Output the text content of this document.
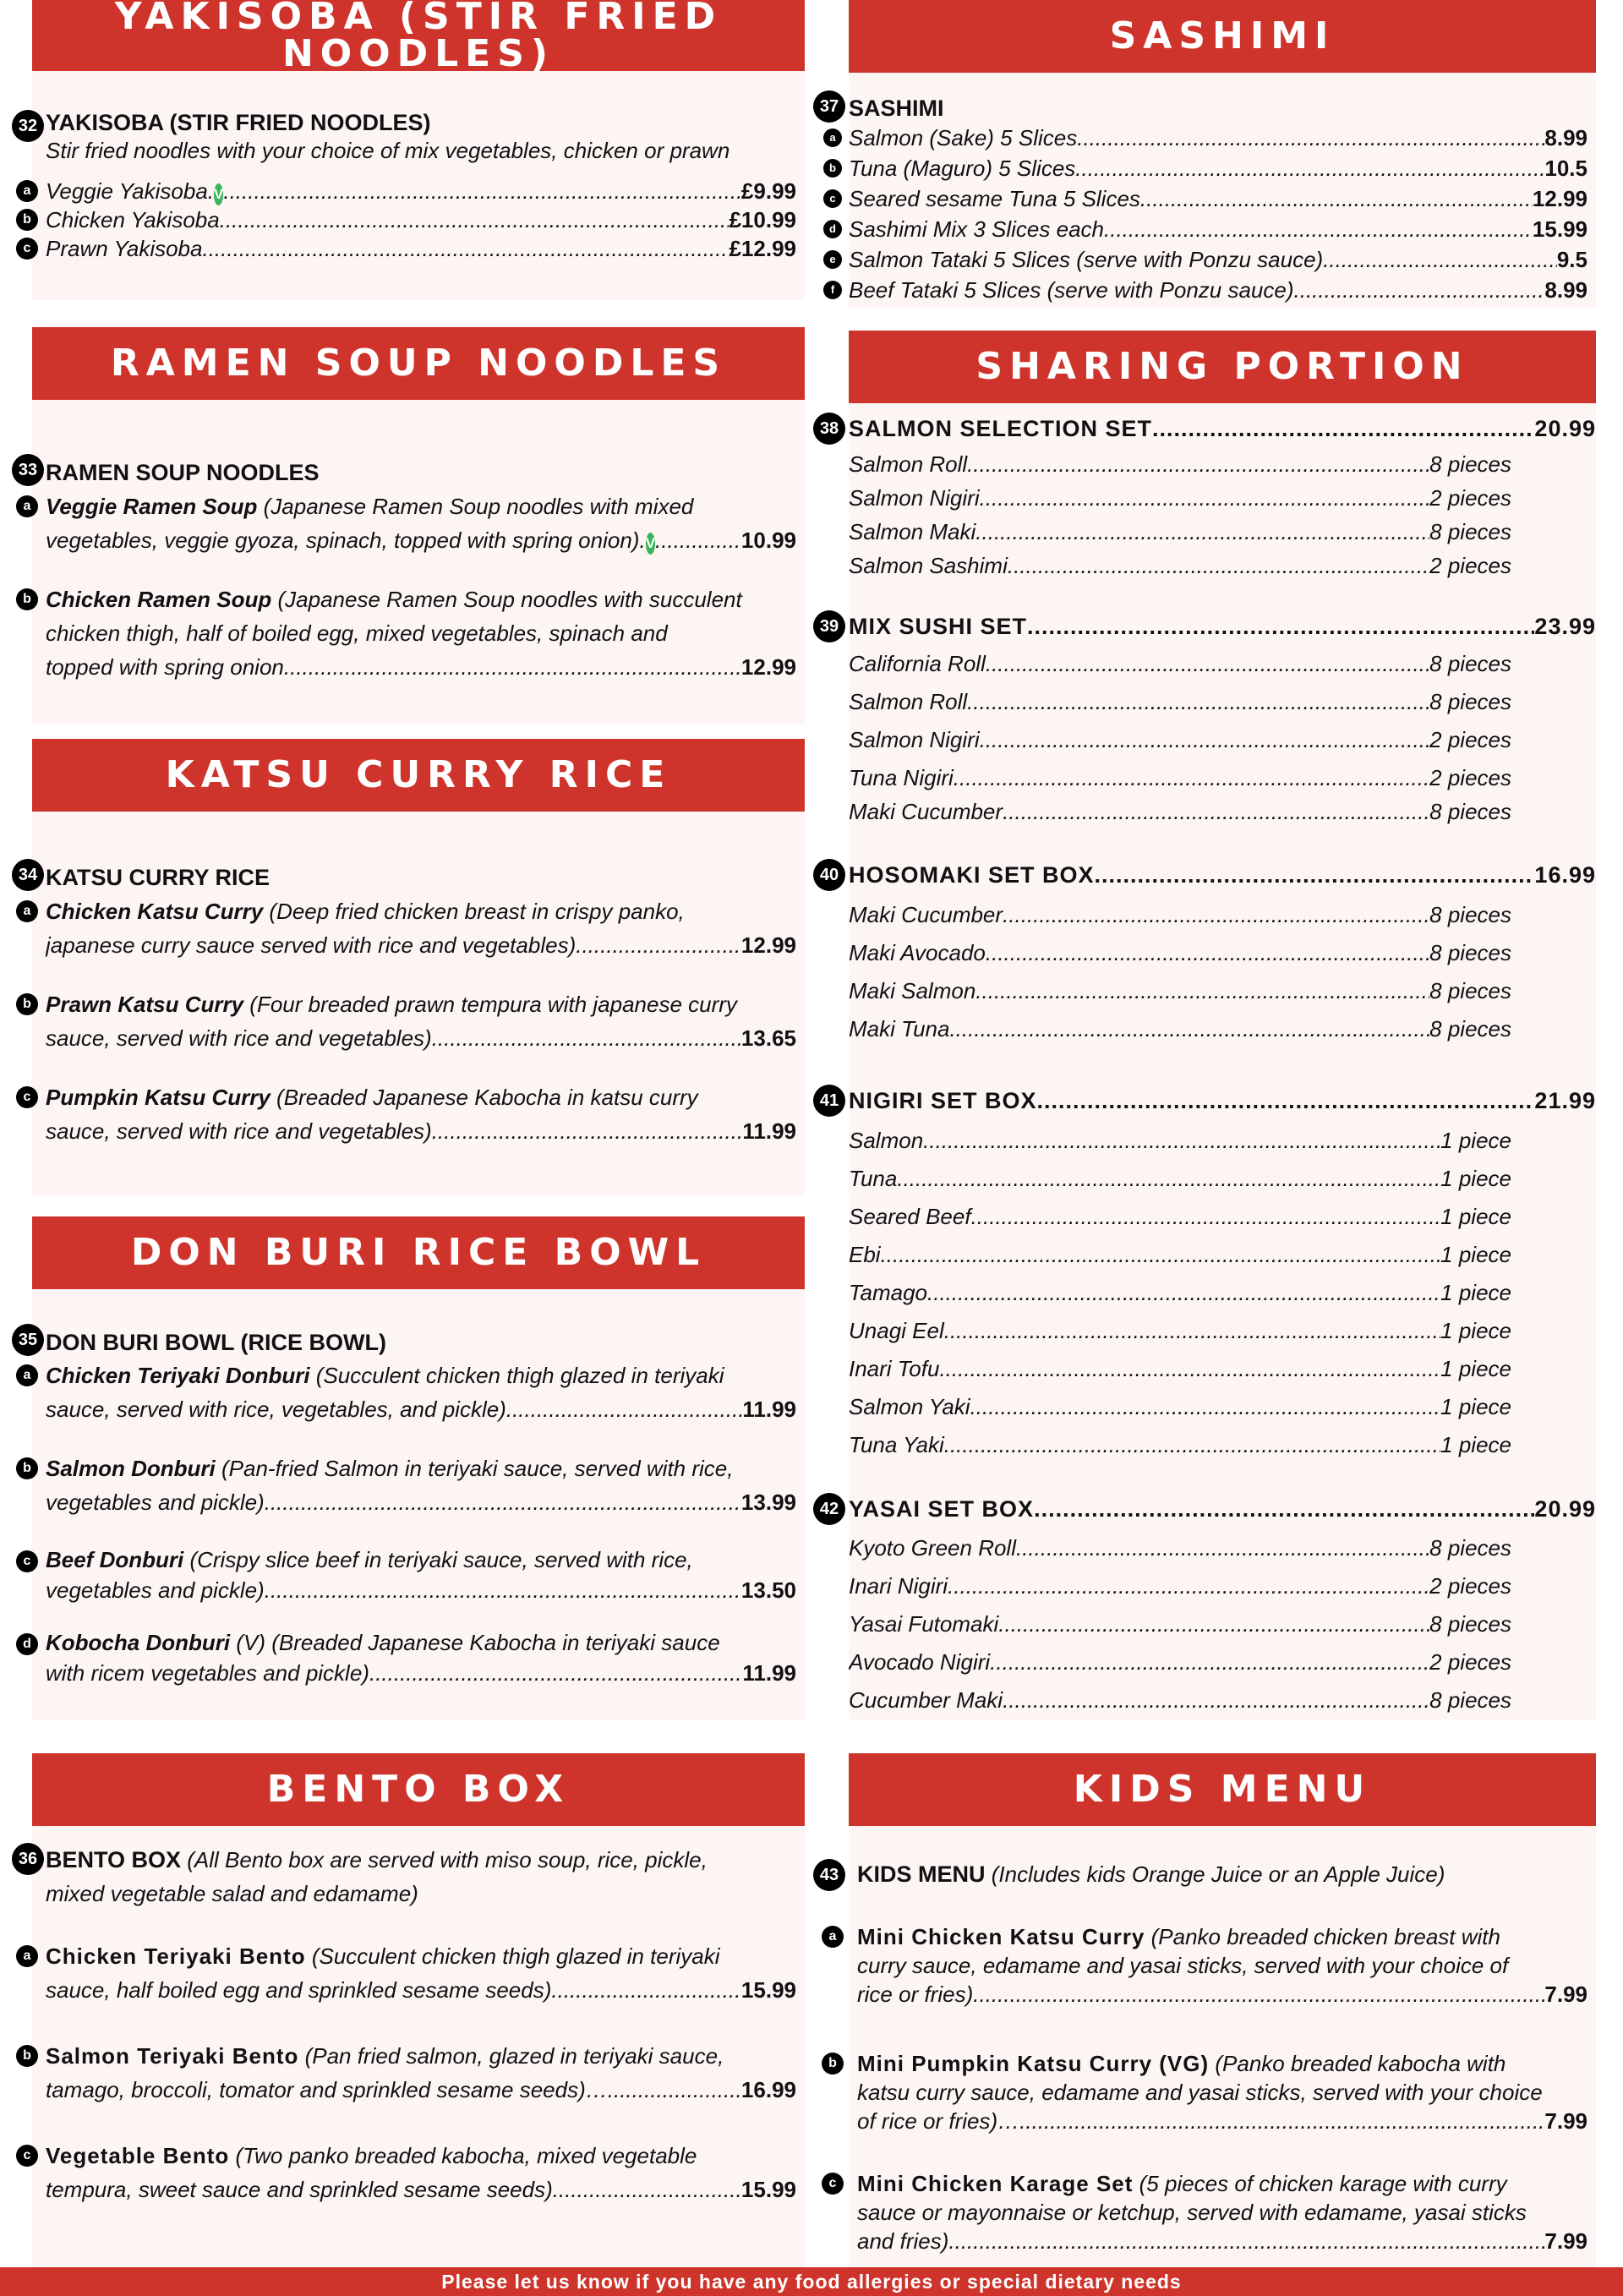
YAKISOBA (STIR FRIED NOODLES)
32 YAKISOBA (STIR FRIED NOODLES)
Stir fried noodles with your choice of mix vegetables, chicken or prawn
a Veggie Yakisoba. V .....	£9.99
b Chicken Yakisoba .....	£10.99
c Prawn Yakisoba .....	£12.99
RAMEN SOUP NOODLES
33 RAMEN SOUP NOODLES
a Veggie Ramen Soup (Japanese Ramen Soup noodles with mixed
vegetables, veggie gyoza, spinach, topped with spring onion). V .....	10.99
b Chicken Ramen Soup (Japanese Ramen Soup noodles with succulent
chicken thigh, half of boiled egg, mixed vegetables, spinach and
topped with spring onion .....	12.99
KATSU CURRY RICE
34 KATSU CURRY RICE
a Chicken Katsu Curry (Deep fried chicken breast in crispy panko,
japanese curry sauce served with rice and vegetables) .....	12.99
b Prawn Katsu Curry (Four breaded prawn tempura with japanese curry
sauce, served with rice and vegetables) .....	13.65
c Pumpkin Katsu Curry (Breaded Japanese Kabocha in katsu curry
sauce, served with rice and vegetables) .....	11.99
DON BURI RICE BOWL
35 DON BURI BOWL (RICE BOWL)
a Chicken Teriyaki Donburi (Succulent chicken thigh glazed in teriyaki
sauce, served with rice, vegetables, and pickle) .....	11.99
b Salmon Donburi (Pan-fried Salmon in teriyaki sauce, served with rice,
vegetables and pickle) .....	13.99
c Beef Donburi (Crispy slice beef in teriyaki sauce, served with rice,
vegetables and pickle) .....	13.50
d Kobocha Donburi (V) (Breaded Japanese Kabocha in teriyaki sauce
with ricem vegetables and pickle) .....	11.99
BENTO BOX
36 BENTO BOX (All Bento box are served with miso soup, rice, pickle,
mixed vegetable salad and edamame)
a Chicken Teriyaki Bento (Succulent chicken thigh glazed in teriyaki
sauce, half boiled egg and sprinkled sesame seeds). .....	15.99
b Salmon Teriyaki Bento (Pan fried salmon, glazed in teriyaki sauce,
tamago, broccoli, tomator and sprinkled sesame seeds)… .....	16.99
c Vegetable Bento (Two panko breaded kabocha, mixed vegetable
tempura, sweet sauce and sprinkled sesame seeds). .....	15.99
SASHIMI
37 SASHIMI
a Salmon (Sake) 5 Slices .....	8.99
b Tuna (Maguro) 5 Slices .....	10.5
c Seared sesame Tuna 5 Slices .....	12.99
d Sashimi Mix 3 Slices each .....	15.99
e Salmon Tataki 5 Slices (serve with Ponzu sauce) .....	9.5
f Beef Tataki 5 Slices (serve with Ponzu sauce) .....	8.99
SHARING PORTION
38 SALMON SELECTION SET .....	20.99
Salmon Roll .....	8 pieces
Salmon Nigiri .....	2 pieces
Salmon Maki .....	8 pieces
Salmon Sashimi .....	2 pieces
39 MIX SUSHI SET .....	23.99
California Roll .....	8 pieces
Salmon Roll .....	8 pieces
Salmon Nigiri .....	2 pieces
Tuna Nigiri .....	2 pieces
Maki Cucumber .....	8 pieces
40 HOSOMAKI SET BOX .....	16.99
Maki Cucumber .....	8 pieces
Maki Avocado .....	8 pieces
Maki Salmon .....	8 pieces
Maki Tuna .....	8 pieces
41 NIGIRI SET BOX .....	21.99
Salmon .....	1 piece
Tuna .....	1 piece
Seared Beef .....	1 piece
Ebi .....	1 piece
Tamago .....	1 piece
Unagi Eel .....	1 piece
Inari Tofu .....	1 piece
Salmon Yaki .....	1 piece
Tuna Yaki .....	1 piece
42 YASAI SET BOX .....	20.99
Kyoto Green Roll .....	8 pieces
Inari Nigiri .....	2 pieces
Yasai Futomaki .....	8 pieces
Avocado Nigiri .....	2 pieces
Cucumber Maki .....	8 pieces
KIDS MENU
43 KIDS MENU (Includes kids Orange Juice or an Apple Juice)
a Mini Chicken Katsu Curry (Panko breaded chicken breast with
curry sauce, edamame and yasai sticks, served with your choice of
rice or fries). .....	7.99
b Mini Pumpkin Katsu Curry (VG) (Panko breaded kabocha with
katsu curry sauce, edamame and yasai sticks, served with your choice
of rice or fries)… .....	7.99
c Mini Chicken Karage Set (5 pieces of chicken karage with curry
sauce or mayonnaise or ketchup, served with edamame, yasai sticks
and fries). .....	7.99
Please let us know if you have any food allergies or special dietary needs
